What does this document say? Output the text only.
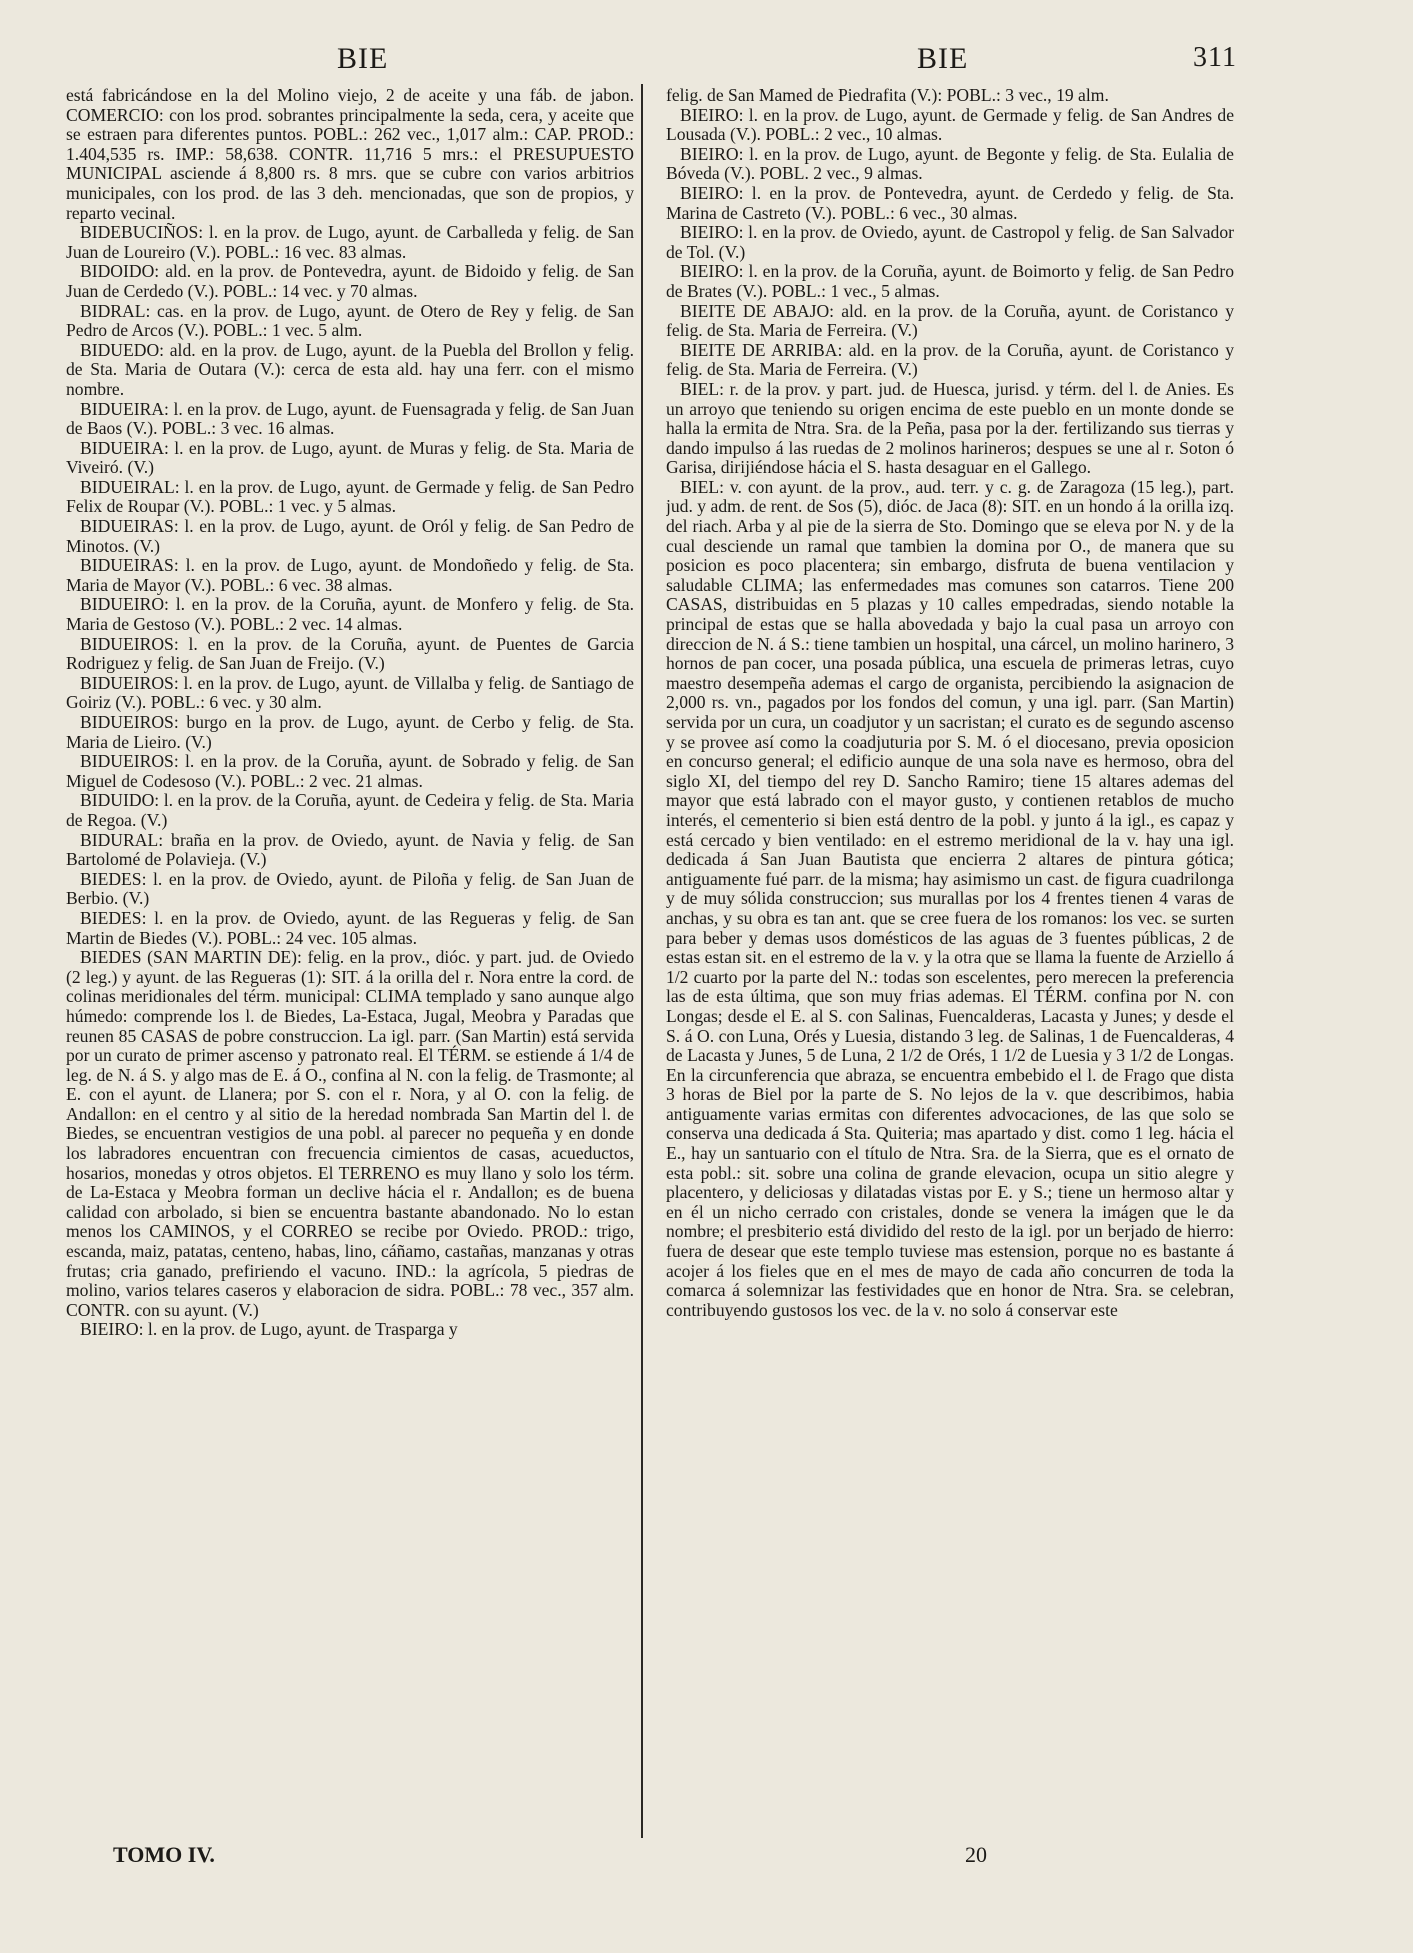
BIE	BIE	311

está fabricándose en la del Molino viejo, 2 de aceite y una fáb. de jabon. COMERCIO: con los prod. sobrantes principalmente la seda, cera, y aceite que se estraen para diferentes puntos. POBL.: 262 vec., 1,017 alm.: CAP. PROD.: 1.404,535 rs. IMP.: 58,638. CONTR. 11,716 5 mrs.: el PRESUPUESTO MUNICIPAL asciende á 8,800 rs. 8 mrs. que se cubre con varios arbitrios municipales, con los prod. de las 3 deh. mencionadas, que son de propios, y reparto vecinal.

BIDEBUCIÑOS: l. en la prov. de Lugo, ayunt. de Carballeda y felig. de San Juan de Loureiro (V.). POBL.: 16 vec. 83 almas.

BIDOIDO: ald. en la prov. de Pontevedra, ayunt. de Bidoido y felig. de San Juan de Cerdedo (V.). POBL.: 14 vec. y 70 almas.

BIDRAL: cas. en la prov. de Lugo, ayunt. de Otero de Rey y felig. de San Pedro de Arcos (V.). POBL.: 1 vec. 5 alm.

BIDUEDO: ald. en la prov. de Lugo, ayunt. de la Puebla del Brollon y felig. de Sta. Maria de Outara (V.): cerca de esta ald. hay una ferr. con el mismo nombre.

BIDUEIRA: l. en la prov. de Lugo, ayunt. de Fuensagrada y felig. de San Juan de Baos (V.). POBL.: 3 vec. 16 almas.

BIDUEIRA: l. en la prov. de Lugo, ayunt. de Muras y felig. de Sta. Maria de Viveiró. (V.)

BIDUEIRAL: l. en la prov. de Lugo, ayunt. de Germade y felig. de San Pedro Felix de Roupar (V.). POBL.: 1 vec. y 5 almas.

BIDUEIRAS: l. en la prov. de Lugo, ayunt. de Oról y felig. de San Pedro de Minotos. (V.)

BIDUEIRAS: l. en la prov. de Lugo, ayunt. de Mondoñedo y felig. de Sta. Maria de Mayor (V.). POBL.: 6 vec. 38 almas.

BIDUEIRO: l. en la prov. de la Coruña, ayunt. de Monfero y felig. de Sta. Maria de Gestoso (V.). POBL.: 2 vec. 14 almas.

BIDUEIROS: l. en la prov. de la Coruña, ayunt. de Puentes de Garcia Rodriguez y felig. de San Juan de Freijo. (V.)

BIDUEIROS: l. en la prov. de Lugo, ayunt. de Villalba y felig. de Santiago de Goiriz (V.). POBL.: 6 vec. y 30 alm.

BIDUEIROS: burgo en la prov. de Lugo, ayunt. de Cerbo y felig. de Sta. Maria de Lieiro. (V.)

BIDUEIROS: l. en la prov. de la Coruña, ayunt. de Sobrado y felig. de San Miguel de Codesoso (V.). POBL.: 2 vec. 21 almas.

BIDUIDO: l. en la prov. de la Coruña, ayunt. de Cedeira y felig. de Sta. Maria de Regoa. (V.)

BIDURAL: braña en la prov. de Oviedo, ayunt. de Navia y felig. de San Bartolomé de Polavieja. (V.)

BIEDES: l. en la prov. de Oviedo, ayunt. de Piloña y felig. de San Juan de Berbio. (V.)

BIEDES: l. en la prov. de Oviedo, ayunt. de las Regueras y felig. de San Martin de Biedes (V.). POBL.: 24 vec. 105 almas.

BIEDES (SAN MARTIN DE): felig. en la prov., dióc. y part. jud. de Oviedo (2 leg.) y ayunt. de las Regueras (1): SIT. á la orilla del r. Nora entre la cord. de colinas meridionales del térm. municipal: CLIMA templado y sano aunque algo húmedo: comprende los l. de Biedes, La-Estaca, Jugal, Meobra y Paradas que reunen 85 CASAS de pobre construccion. La igl. parr. (San Martin) está servida por un curato de primer ascenso y patronato real. El TÉRM. se estiende á 1/4 de leg. de N. á S. y algo mas de E. á O., confina al N. con la felig. de Trasmonte; al E. con el ayunt. de Llanera; por S. con el r. Nora, y al O. con la felig. de Andallon: en el centro y al sitio de la heredad nombrada San Martin del l. de Biedes, se encuentran vestigios de una pobl. al parecer no pequeña y en donde los labradores encuentran con frecuencia cimientos de casas, acueductos, hosarios, monedas y otros objetos. El TERRENO es muy llano y solo los térm. de La-Estaca y Meobra forman un declive hácia el r. Andallon; es de buena calidad con arbolado, si bien se encuentra bastante abandonado. No lo estan menos los CAMINOS, y el CORREO se recibe por Oviedo. PROD.: trigo, escanda, maiz, patatas, centeno, habas, lino, cáñamo, castañas, manzanas y otras frutas; cria ganado, prefiriendo el vacuno. IND.: la agrícola, 5 piedras de molino, varios telares caseros y elaboracion de sidra. POBL.: 78 vec., 357 alm. CONTR. con su ayunt. (V.)

BIEIRO: l. en la prov. de Lugo, ayunt. de Trasparga y

felig. de San Mamed de Piedrafita (V.): POBL.: 3 vec., 19 alm.

BIEIRO: l. en la prov. de Lugo, ayunt. de Germade y felig. de San Andres de Lousada (V.). POBL.: 2 vec., 10 almas.

BIEIRO: l. en la prov. de Lugo, ayunt. de Begonte y felig. de Sta. Eulalia de Bóveda (V.). POBL. 2 vec., 9 almas.

BIEIRO: l. en la prov. de Pontevedra, ayunt. de Cerdedo y felig. de Sta. Marina de Castreto (V.). POBL.: 6 vec., 30 almas.

BIEIRO: l. en la prov. de Oviedo, ayunt. de Castropol y felig. de San Salvador de Tol. (V.)

BIEIRO: l. en la prov. de la Coruña, ayunt. de Boimorto y felig. de San Pedro de Brates (V.). POBL.: 1 vec., 5 almas.

BIEITE DE ABAJO: ald. en la prov. de la Coruña, ayunt. de Coristanco y felig. de Sta. Maria de Ferreira. (V.)

BIEITE DE ARRIBA: ald. en la prov. de la Coruña, ayunt. de Coristanco y felig. de Sta. Maria de Ferreira. (V.)

BIEL: r. de la prov. y part. jud. de Huesca, jurisd. y térm. del l. de Anies. Es un arroyo que teniendo su origen encima de este pueblo en un monte donde se halla la ermita de Ntra. Sra. de la Peña, pasa por la der. fertilizando sus tierras y dando impulso á las ruedas de 2 molinos harineros; despues se une al r. Soton ó Garisa, dirijiéndose hácia el S. hasta desaguar en el Gallego.

BIEL: v. con ayunt. de la prov., aud. terr. y c. g. de Zaragoza (15 leg.), part. jud. y adm. de rent. de Sos (5), dióc. de Jaca (8): SIT. en un hondo á la orilla izq. del riach. Arba y al pie de la sierra de Sto. Domingo que se eleva por N. y de la cual desciende un ramal que tambien la domina por O., de manera que su posicion es poco placentera; sin embargo, disfruta de buena ventilacion y saludable CLIMA; las enfermedades mas comunes son catarros. Tiene 200 CASAS, distribuidas en 5 plazas y 10 calles empedradas, siendo notable la principal de estas que se halla abovedada y bajo la cual pasa un arroyo con direccion de N. á S.: tiene tambien un hospital, una cárcel, un molino harinero, 3 hornos de pan cocer, una posada pública, una escuela de primeras letras, cuyo maestro desempeña ademas el cargo de organista, percibiendo la asignacion de 2,000 rs. vn., pagados por los fondos del comun, y una igl. parr. (San Martin) servida por un cura, un coadjutor y un sacristan; el curato es de segundo ascenso y se provee así como la coadjuturia por S. M. ó el diocesano, previa oposicion en concurso general; el edificio aunque de una sola nave es hermoso, obra del siglo XI, del tiempo del rey D. Sancho Ramiro; tiene 15 altares ademas del mayor que está labrado con el mayor gusto, y contienen retablos de mucho interés, el cementerio si bien está dentro de la pobl. y junto á la igl., es capaz y está cercado y bien ventilado: en el estremo meridional de la v. hay una igl. dedicada á San Juan Bautista que encierra 2 altares de pintura gótica; antiguamente fué parr. de la misma; hay asimismo un cast. de figura cuadrilonga y de muy sólida construccion; sus murallas por los 4 frentes tienen 4 varas de anchas, y su obra es tan ant. que se cree fuera de los romanos: los vec. se surten para beber y demas usos domésticos de las aguas de 3 fuentes públicas, 2 de estas estan sit. en el estremo de la v. y la otra que se llama la fuente de Arziello á 1/2 cuarto por la parte del N.: todas son escelentes, pero merecen la preferencia las de esta última, que son muy frias ademas. El TÉRM. confina por N. con Longas; desde el E. al S. con Salinas, Fuencalderas, Lacasta y Junes; y desde el S. á O. con Luna, Orés y Luesia, distando 3 leg. de Salinas, 1 de Fuencalderas, 4 de Lacasta y Junes, 5 de Luna, 2 1/2 de Orés, 1 1/2 de Luesia y 3 1/2 de Longas. En la circunferencia que abraza, se encuentra embebido el l. de Frago que dista 3 horas de Biel por la parte de S. No lejos de la v. que describimos, habia antiguamente varias ermitas con diferentes advocaciones, de las que solo se conserva una dedicada á Sta. Quiteria; mas apartado y dist. como 1 leg. hácia el E., hay un santuario con el título de Ntra. Sra. de la Sierra, que es el ornato de esta pobl.: sit. sobre una colina de grande elevacion, ocupa un sitio alegre y placentero, y deliciosas y dilatadas vistas por E. y S.; tiene un hermoso altar y en él un nicho cerrado con cristales, donde se venera la imágen que le da nombre; el presbiterio está dividido del resto de la igl. por un berjado de hierro: fuera de desear que este templo tuviese mas estension, porque no es bastante á acojer á los fieles que en el mes de mayo de cada año concurren de toda la comarca á solemnizar las festividades que en honor de Ntra. Sra. se celebran, contribuyendo gustosos los vec. de la v. no solo á conservar este

TOMO IV.	20
